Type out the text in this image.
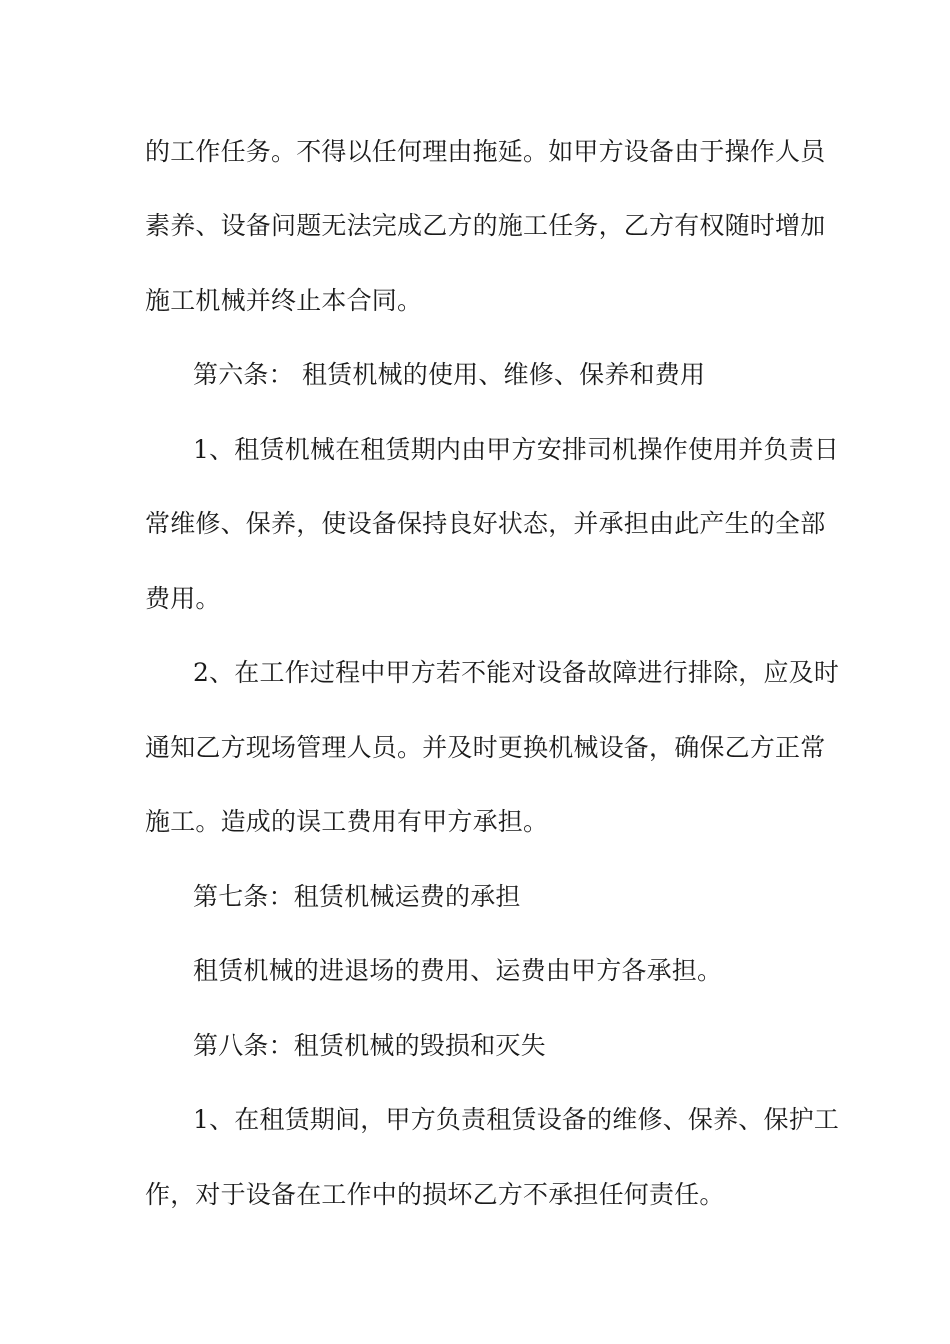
的工作任务。不得以任何理由拖延。如甲方设备由于操作人员
素养、设备问题无法完成乙方的施工任务，乙方有权随时增加
施工机械并终止本合同。
第六条： 租赁机械的使用、维修、保养和费用
1、租赁机械在租赁期内由甲方安排司机操作使用并负责日
常维修、保养，使设备保持良好状态，并承担由此产生的全部
费用。
2、在工作过程中甲方若不能对设备故障进行排除，应及时
通知乙方现场管理人员。并及时更换机械设备，确保乙方正常
施工。造成的误工费用有甲方承担。
第七条：租赁机械运费的承担
租赁机械的进退场的费用、运费由甲方各承担。
第八条：租赁机械的毁损和灭失
1、在租赁期间，甲方负责租赁设备的维修、保养、保护工
作，对于设备在工作中的损坏乙方不承担任何责任。
